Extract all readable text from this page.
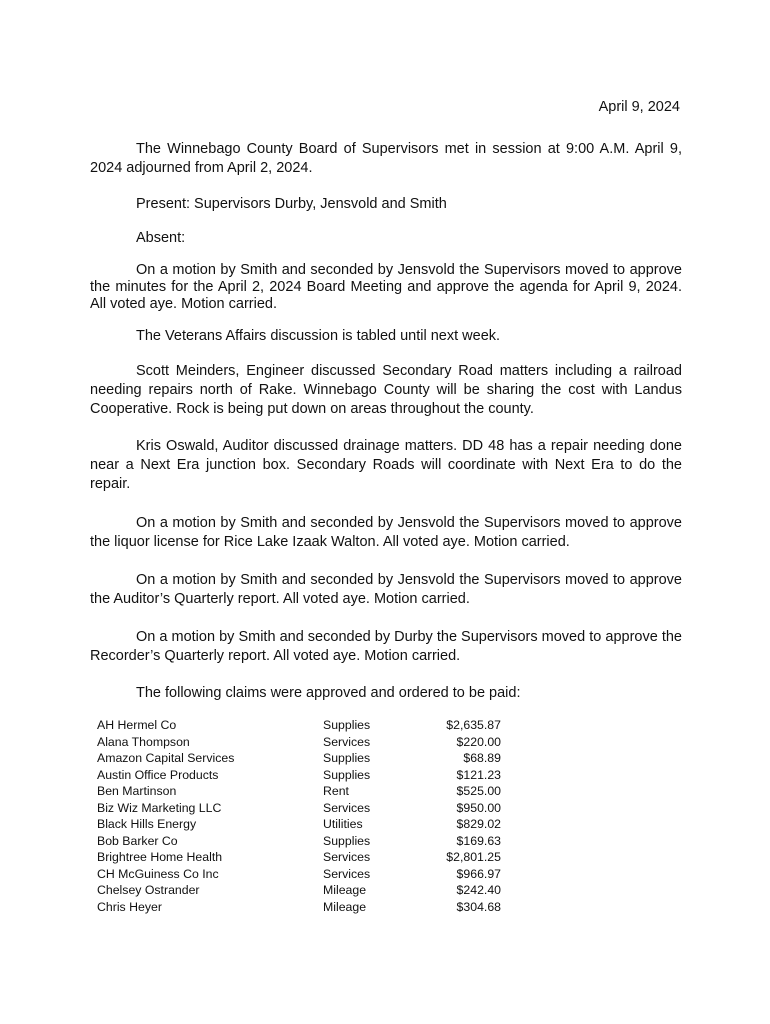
April 9, 2024

The Winnebago County Board of Supervisors met in session at 9:00 A.M. April 9, 2024 adjourned from April 2, 2024.

Present: Supervisors Durby, Jensvold and Smith

Absent:

On a motion by Smith and seconded by Jensvold the Supervisors moved to approve the minutes for the April 2, 2024 Board Meeting and approve the agenda for April 9, 2024. All voted aye. Motion carried.

The Veterans Affairs discussion is tabled until next week.

Scott Meinders, Engineer discussed Secondary Road matters including a railroad needing repairs north of Rake. Winnebago County will be sharing the cost with Landus Cooperative. Rock is being put down on areas throughout the county.

Kris Oswald, Auditor discussed drainage matters. DD 48 has a repair needing done near a Next Era junction box. Secondary Roads will coordinate with Next Era to do the repair.

On a motion by Smith and seconded by Jensvold the Supervisors moved to approve the liquor license for Rice Lake Izaak Walton. All voted aye. Motion carried.

On a motion by Smith and seconded by Jensvold the Supervisors moved to approve the Auditor’s Quarterly report. All voted aye. Motion carried.

On a motion by Smith and seconded by Durby the Supervisors moved to approve the Recorder’s Quarterly report. All voted aye. Motion carried.

The following claims were approved and ordered to be paid:

AH Hermel Co	Supplies	$2,635.87
Alana Thompson	Services	$220.00
Amazon Capital Services	Supplies	$68.89
Austin Office Products	Supplies	$121.23
Ben Martinson	Rent	$525.00
Biz Wiz Marketing LLC	Services	$950.00
Black Hills Energy	Utilities	$829.02
Bob Barker Co	Supplies	$169.63
Brightree Home Health	Services	$2,801.25
CH McGuiness Co Inc	Services	$966.97
Chelsey Ostrander	Mileage	$242.40
Chris Heyer	Mileage	$304.68
